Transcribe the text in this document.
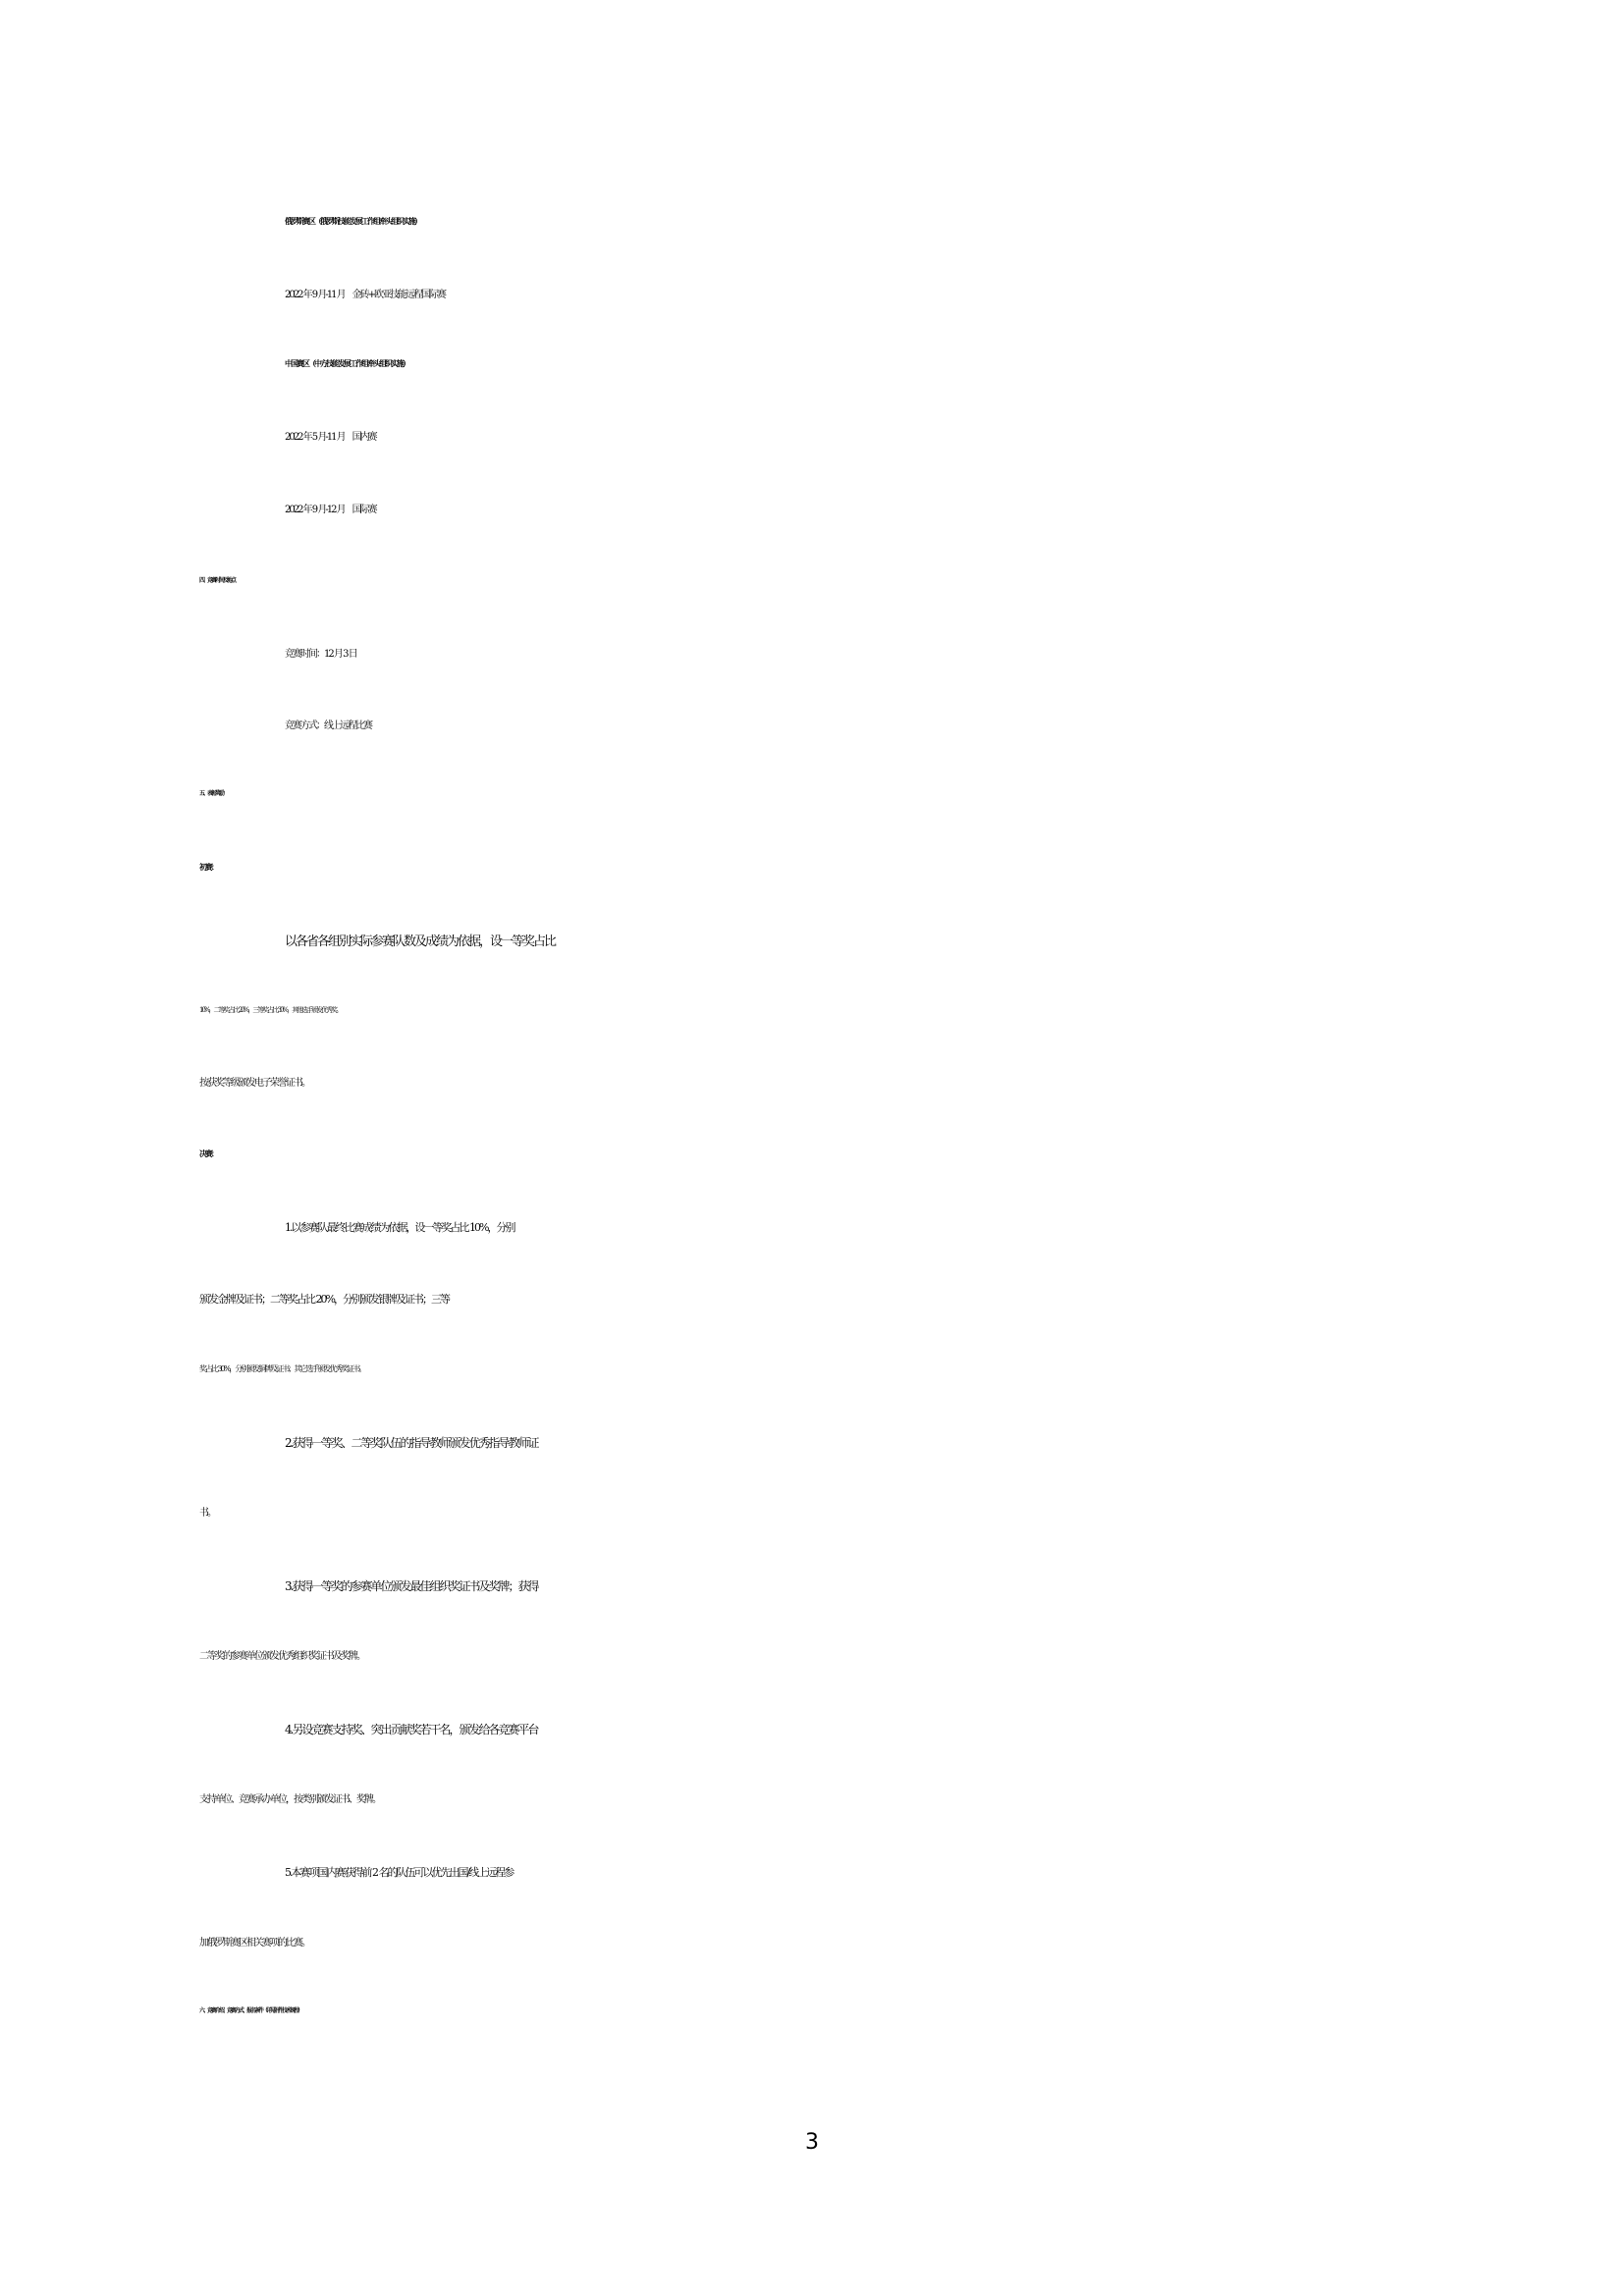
俄罗斯赛区（俄罗斯技能发展工作组牵头组织实施）
2022 年 9 月-11 月　金砖+欧亚技能远程国际赛
中国赛区（中方技能发展工作组牵头组织实施）
2022 年 5 月-11 月　国内赛
2022 年 9 月-12 月　国际赛
四、竞赛时间及地点
竞赛时间：12 月 3 日
竞赛方式：线上远程比赛
五、表彰奖励
初赛：
以各省各组别实际参赛队数及成绩为依据，设一等奖占比
10%，二等奖占比 20%，三等奖占比 30%，其他选手颁发优秀奖。
按获奖等级颁发电子荣誉证书。
决赛：
1.以参赛队最终比赛成绩为依据，设一等奖占比 10%，分别
颁发金牌及证书；二等奖占比 20%，分别颁发银牌及证书；三等
奖占比 30%，分别颁发铜牌及证书；其它选手颁发优秀奖证书。
2.获得一等奖、二等奖队伍的指导教师颁发优秀指导教师证
书。
3.获得一等奖的参赛单位颁发最佳组织奖证书及奖牌；获得
二等奖的参赛单位颁发优秀组织奖证书及奖牌。
4.另设竞赛支持奖、突出贡献奖若干名，颁发给各竞赛平台
支持单位、竞赛承办单位，按类别颁发证书、奖牌。
5.本赛项国内赛获得前 2 名的队伍可以优先出国/线上远程参
加俄罗斯赛区相关赛项的比赛。
六、竞赛介绍、竞赛方式、报名条件（详见附件技术规程）
3
